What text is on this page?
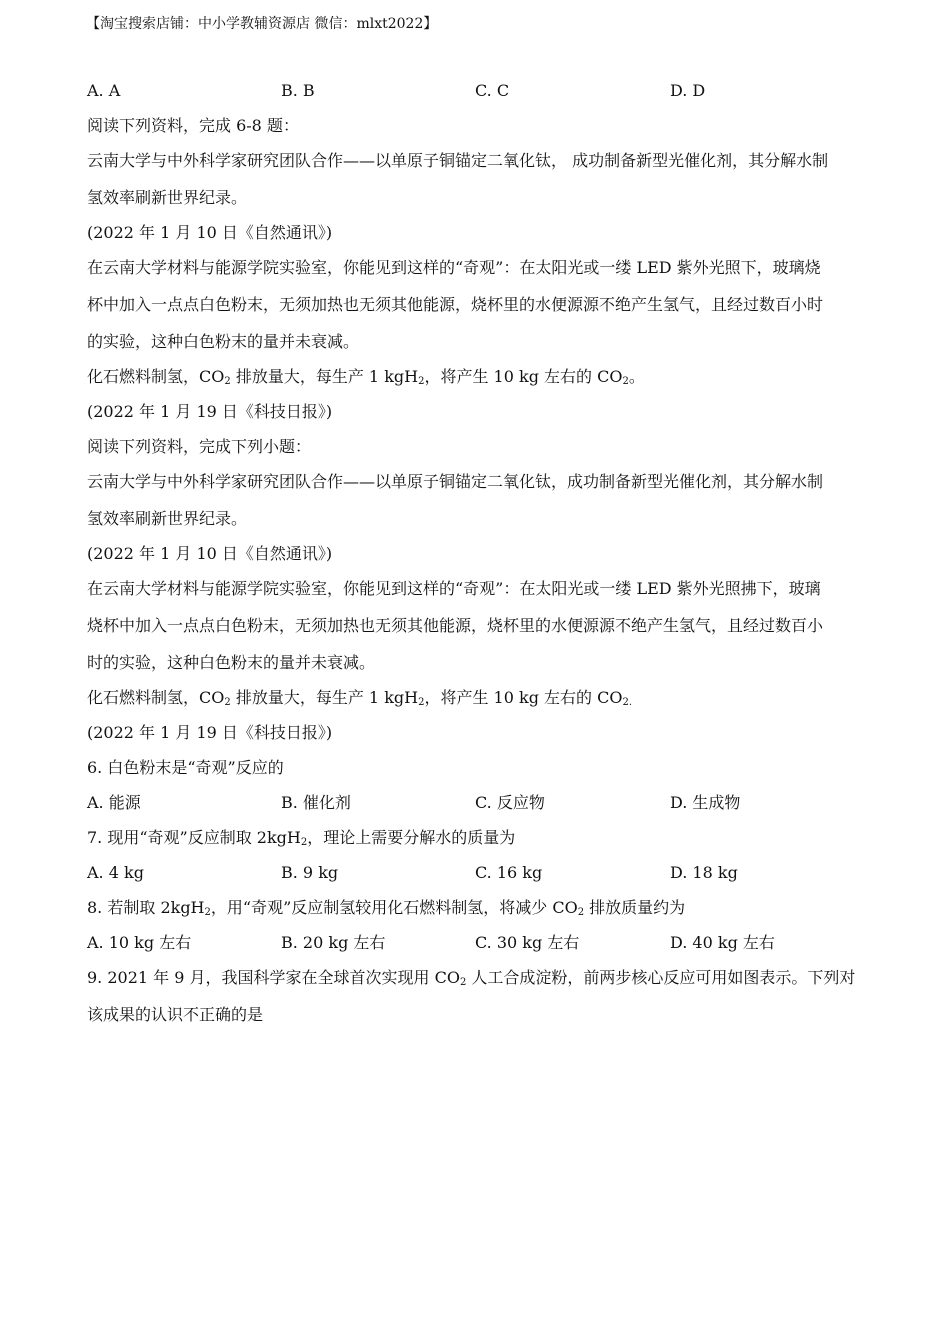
【淘宝搜索店铺：中小学教辅资源店 微信：mlxt2022】
A. A	B. B	C. C	D. D
阅读下列资料，完成 6-8 题：
云南大学与中外科学家研究团队合作——以单原子铜锚定二氧化钛， 成功制备新型光催化剂，其分解水制
氢效率刷新世界纪录。
(2022 年 1 月 10 日《自然通讯》)
在云南大学材料与能源学院实验室，你能见到这样的“奇观”：在太阳光或一缕 LED 紫外光照下，玻璃烧
杯中加入一点点白色粉末，无须加热也无须其他能源，烧杯里的水便源源不绝产生氢气，且经过数百小时
的实验，这种白色粉末的量并未衰减。
化石燃料制氢，$CO_2$ 排放量大，每生产 1 kgH$_2$，将产生 10 kg 左右的 $CO_2$。
(2022 年 1 月 19 日《科技日报》)
阅读下列资料，完成下列小题：
云南大学与中外科学家研究团队合作——以单原子铜锚定二氧化钛，成功制备新型光催化剂，其分解水制
氢效率刷新世界纪录。
(2022 年 1 月 10 日《自然通讯》)
在云南大学材料与能源学院实验室，你能见到这样的“奇观”：在太阳光或一缕 LED 紫外光照拂下，玻璃
烧杯中加入一点点白色粉末，无须加热也无须其他能源，烧杯里的水便源源不绝产生氢气，且经过数百小
时的实验，这种白色粉末的量并未衰减。
化石燃料制氢，$CO_2$ 排放量大，每生产 1 kgH$_2$，将产生 10 kg 左右的 $CO_{2.}$
(2022 年 1 月 19 日《科技日报》)
6. 白色粉末是“奇观”反应的
A. 能源	B. 催化剂	C. 反应物	D. 生成物
7. 现用“奇观”反应制取 2kgH$_2$，理论上需要分解水的质量为
A. 4 kg	B. 9 kg	C. 16 kg	D. 18 kg
8. 若制取 2kgH$_2$，用“奇观”反应制氢较用化石燃料制氢，将减少 $CO_2$ 排放质量约为
A. 10 kg 左右	B. 20 kg 左右	C. 30 kg 左右	D. 40 kg 左右
9. 2021 年 9 月，我国科学家在全球首次实现用 $CO_2$ 人工合成淀粉，前两步核心反应可用如图表示。下列对
该成果的认识不正确的是
